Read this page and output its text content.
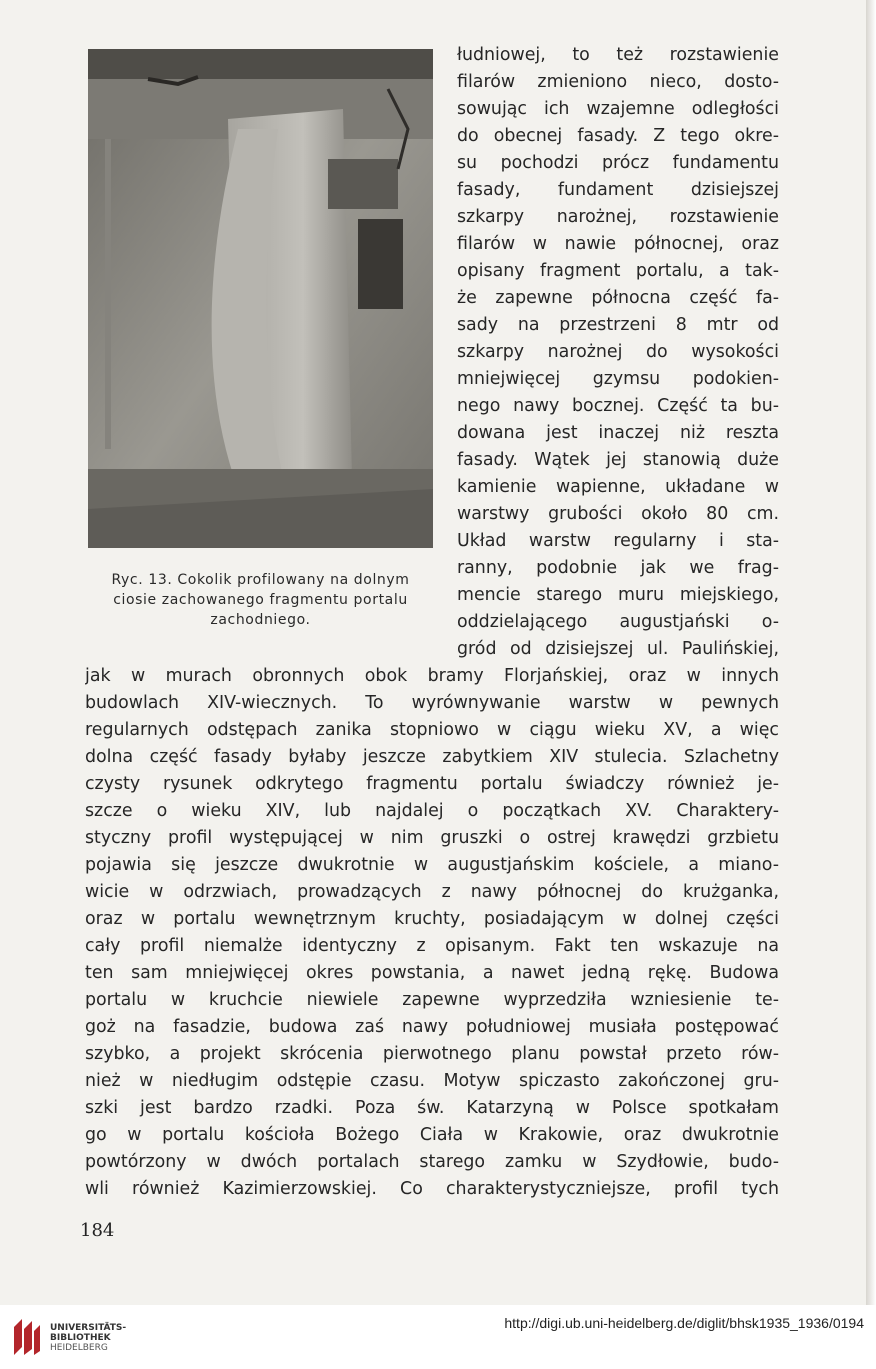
Ryc. 13. Cokolik profilowany na dolnym
ciosie zachowanego fragmentu portalu
zachodniego.
łudniowej, to też rozstawienie
filarów zmieniono nieco, dosto-
sowując ich wzajemne odległości
do obecnej fasady. Z tego okre-
su pochodzi prócz fundamentu
fasady, fundament dzisiejszej
szkarpy narożnej, rozstawienie
filarów w nawie północnej, oraz
opisany fragment portalu, a tak-
że zapewne północna część fa-
sady na przestrzeni 8 mtr od
szkarpy narożnej do wysokości
mniejwięcej gzymsu podokien-
nego nawy bocznej. Część ta bu-
dowana jest inaczej niż reszta
fasady. Wątek jej stanowią duże
kamienie wapienne, układane w
warstwy grubości około 80 cm.
Układ warstw regularny i sta-
ranny, podobnie jak we frag-
mencie starego muru miejskiego,
oddzielającego augustjański o-
gród od dzisiejszej ul. Paulińskiej,
jak w murach obronnych obok bramy Florjańskiej, oraz w innych
budowlach XIV-wiecznych. To wyrównywanie warstw w pewnych
regularnych odstępach zanika stopniowo w ciągu wieku XV, a więc
dolna część fasady byłaby jeszcze zabytkiem XIV stulecia. Szlachetny
czysty rysunek odkrytego fragmentu portalu świadczy również je-
szcze o wieku XIV, lub najdalej o początkach XV. Charaktery-
styczny profil występującej w nim gruszki o ostrej krawędzi grzbietu
pojawia się jeszcze dwukrotnie w augustjańskim kościele, a miano-
wicie w odrzwiach, prowadzących z nawy północnej do krużganka,
oraz w portalu wewnętrznym kruchty, posiadającym w dolnej części
cały profil niemalże identyczny z opisanym. Fakt ten wskazuje na
ten sam mniejwięcej okres powstania, a nawet jedną rękę. Budowa
portalu w kruchcie niewiele zapewne wyprzedziła wzniesienie te-
goż na fasadzie, budowa zaś nawy południowej musiała postępować
szybko, a projekt skrócenia pierwotnego planu powstał przeto rów-
nież w niedługim odstępie czasu. Motyw spiczasto zakończonej gru-
szki jest bardzo rzadki. Poza św. Katarzyną w Polsce spotkałam
go w portalu kościoła Bożego Ciała w Krakowie, oraz dwukrotnie
powtórzony w dwóch portalach starego zamku w Szydłowie, budo-
wli również Kazimierzowskiej. Co charakterystyczniejsze, profil tych
184
UNIVERSITÄTS-
BIBLIOTHEK
HEIDELBERG
http://digi.ub.uni-heidelberg.de/diglit/bhsk1935_1936/0194
